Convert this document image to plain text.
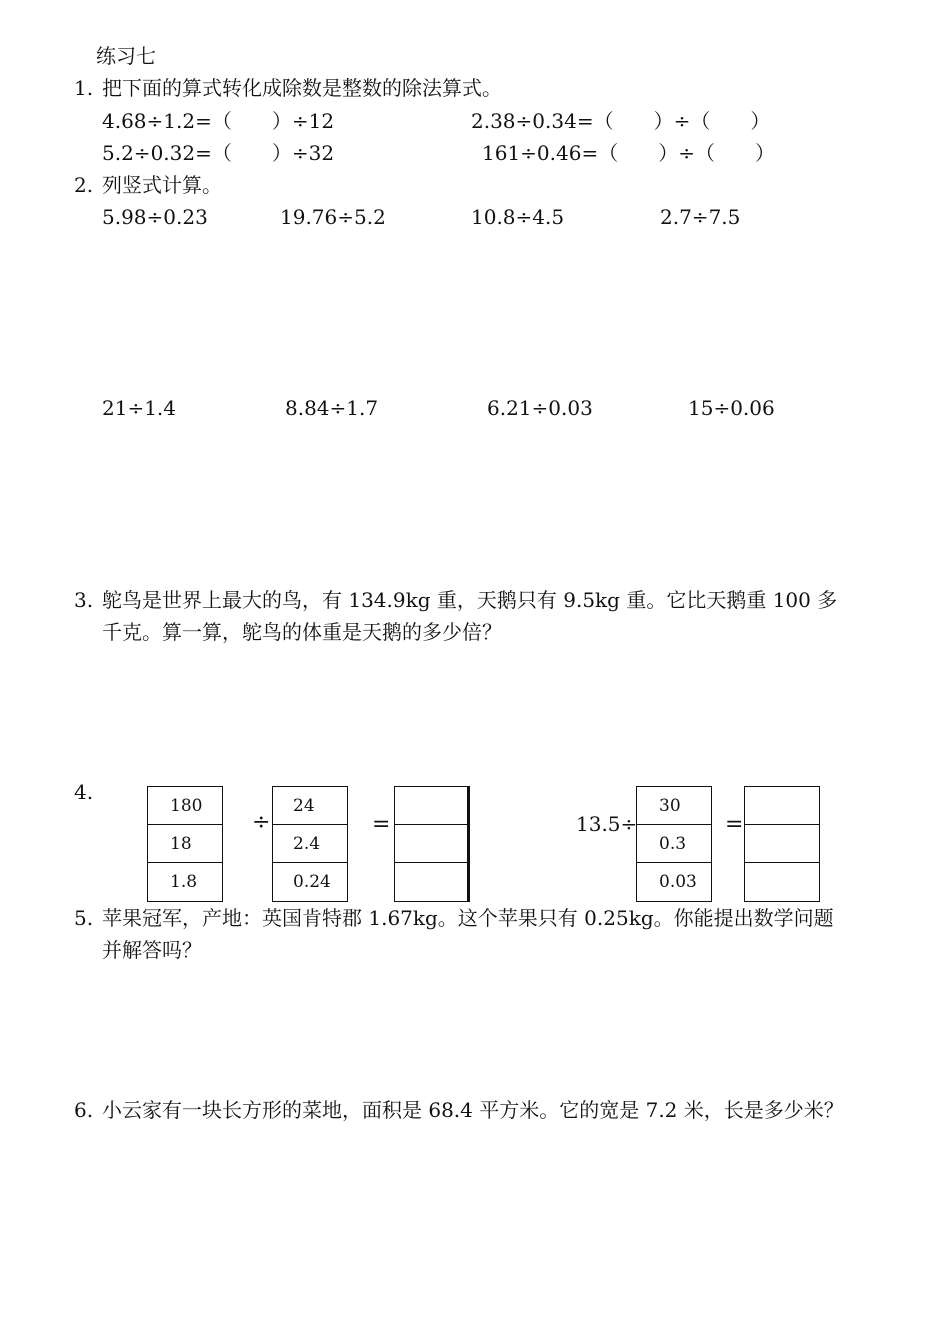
练习七
1. 把下面的算式转化成除数是整数的除法算式。
4.68÷1.2=（　　）÷12	2.38÷0.34=（　　）÷（　　）
5.2÷0.32=（　　）÷32	161÷0.46=（　　）÷（　　）
2. 列竖式计算。
5.98÷0.23	19.76÷5.2	10.8÷4.5	2.7÷7.5
21÷1.4	8.84÷1.7	6.21÷0.03	15÷0.06
3. 鸵鸟是世界上最大的鸟，有 134.9kg 重，天鹅只有 9.5kg 重。它比天鹅重 100 多
千克。算一算，鸵鸟的体重是天鹅的多少倍？
4.
180
18
1.8
÷
24
2.4
0.24
=	13.5÷
30
0.3
0.03
=
5. 苹果冠军，产地：英国肯特郡 1.67kg。这个苹果只有 0.25kg。你能提出数学问题
并解答吗？
6. 小云家有一块长方形的菜地，面积是 68.4 平方米。它的宽是 7.2 米，长是多少米？
